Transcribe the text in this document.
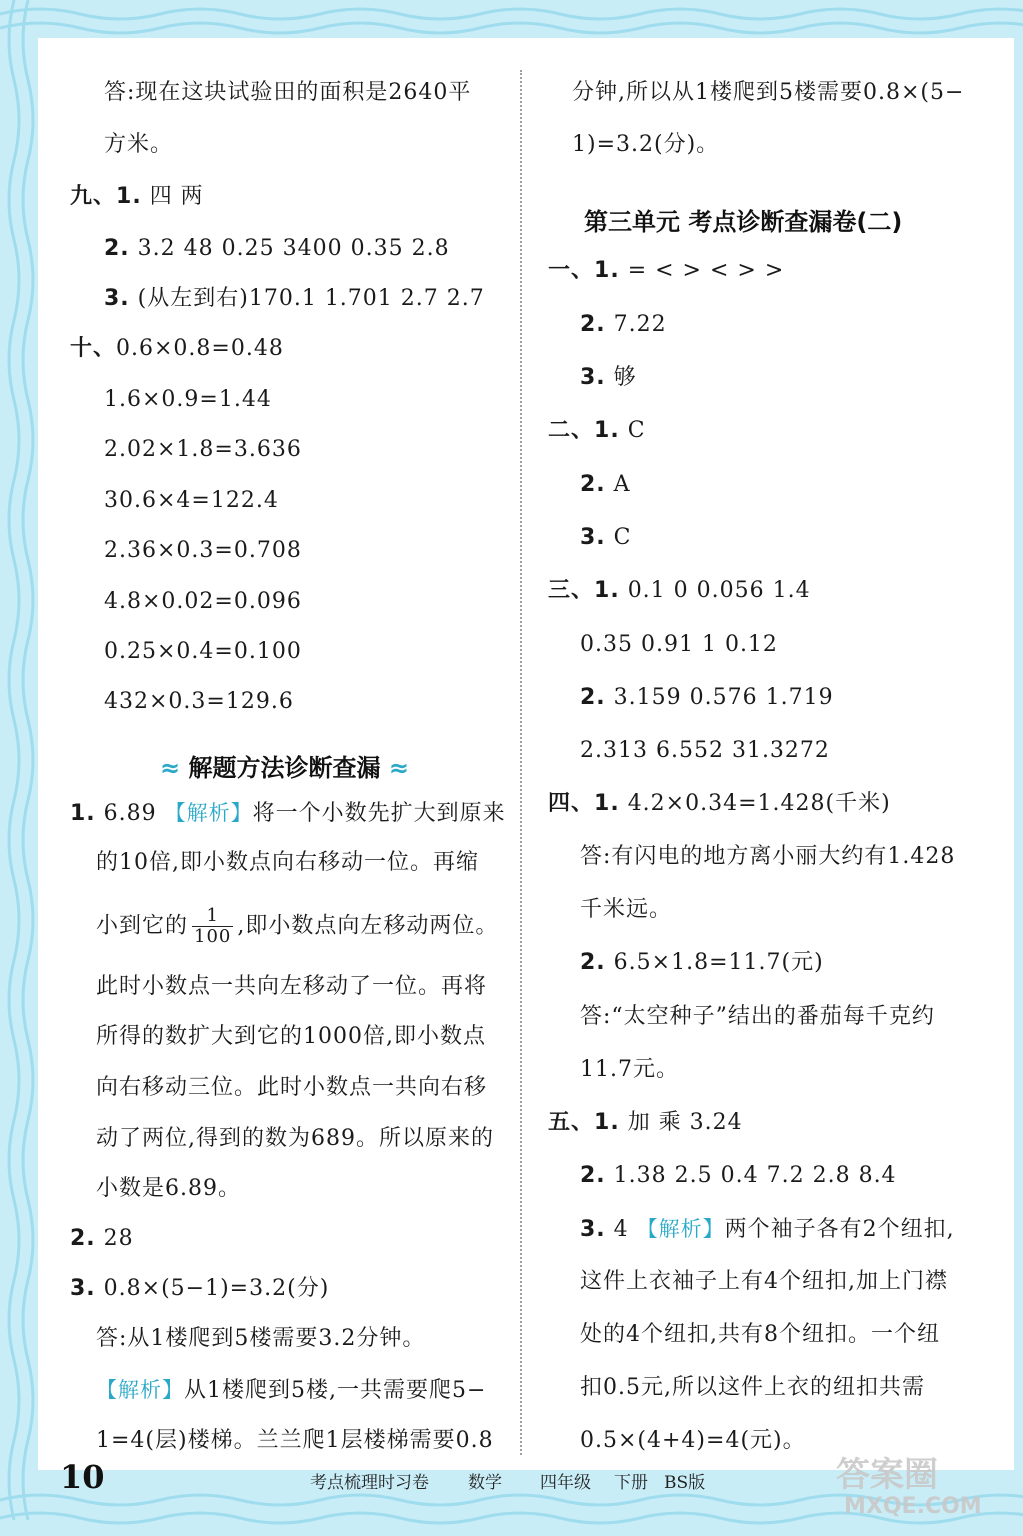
答:现在这块试验田的面积是2640平
方米。
九、1. 四 两
2. 3.2 48 0.25 3400 0.35 2.8
3. (从左到右)170.1 1.701 2.7 2.7
十、0.6×0.8=0.48
1.6×0.9=1.44
2.02×1.8=3.636
30.6×4=122.4
2.36×0.3=0.708
4.8×0.02=0.096
0.25×0.4=0.100
432×0.3=129.6
≈ 解题方法诊断查漏 ≈
1. 6.89 【解析】将一个小数先扩大到原来
的10倍,即小数点向右移动一位。再缩
小到它的 $\frac{1}{100}$ ,即小数点向左移动两位。
此时小数点一共向左移动了一位。再将
所得的数扩大到它的1000倍,即小数点
向右移动三位。此时小数点一共向右移
动了两位,得到的数为689。所以原来的
小数是6.89。
2. 28
3. 0.8×(5−1)=3.2(分)
答:从1楼爬到5楼需要3.2分钟。
【解析】从1楼爬到5楼,一共需要爬5−
1=4(层)楼梯。兰兰爬1层楼梯需要0.8
分钟,所以从1楼爬到5楼需要0.8×(5−
1)=3.2(分)。
第三单元 考点诊断查漏卷(二)
一、1. = < > < > >
2. 7.22
3. 够
二、1. C
2. A
3. C
三、1. 0.1 0 0.056 1.4
0.35 0.91 1 0.12
2. 3.159 0.576 1.719
2.313 6.552 31.3272
四、1. 4.2×0.34=1.428(千米)
答:有闪电的地方离小丽大约有1.428
千米远。
2. 6.5×1.8=11.7(元)
答:“太空种子”结出的番茄每千克约
11.7元。
五、1. 加 乘 3.24
2. 1.38 2.5 0.4 7.2 2.8 8.4
3. 4 【解析】两个袖子各有2个纽扣,
这件上衣袖子上有4个纽扣,加上门襟
处的4个纽扣,共有8个纽扣。一个纽
扣0.5元,所以这件上衣的纽扣共需
0.5×(4+4)=4(元)。
10	考点梳理时习卷 数学 四年级 下册 BS版	答案圈
MXQE.COM
